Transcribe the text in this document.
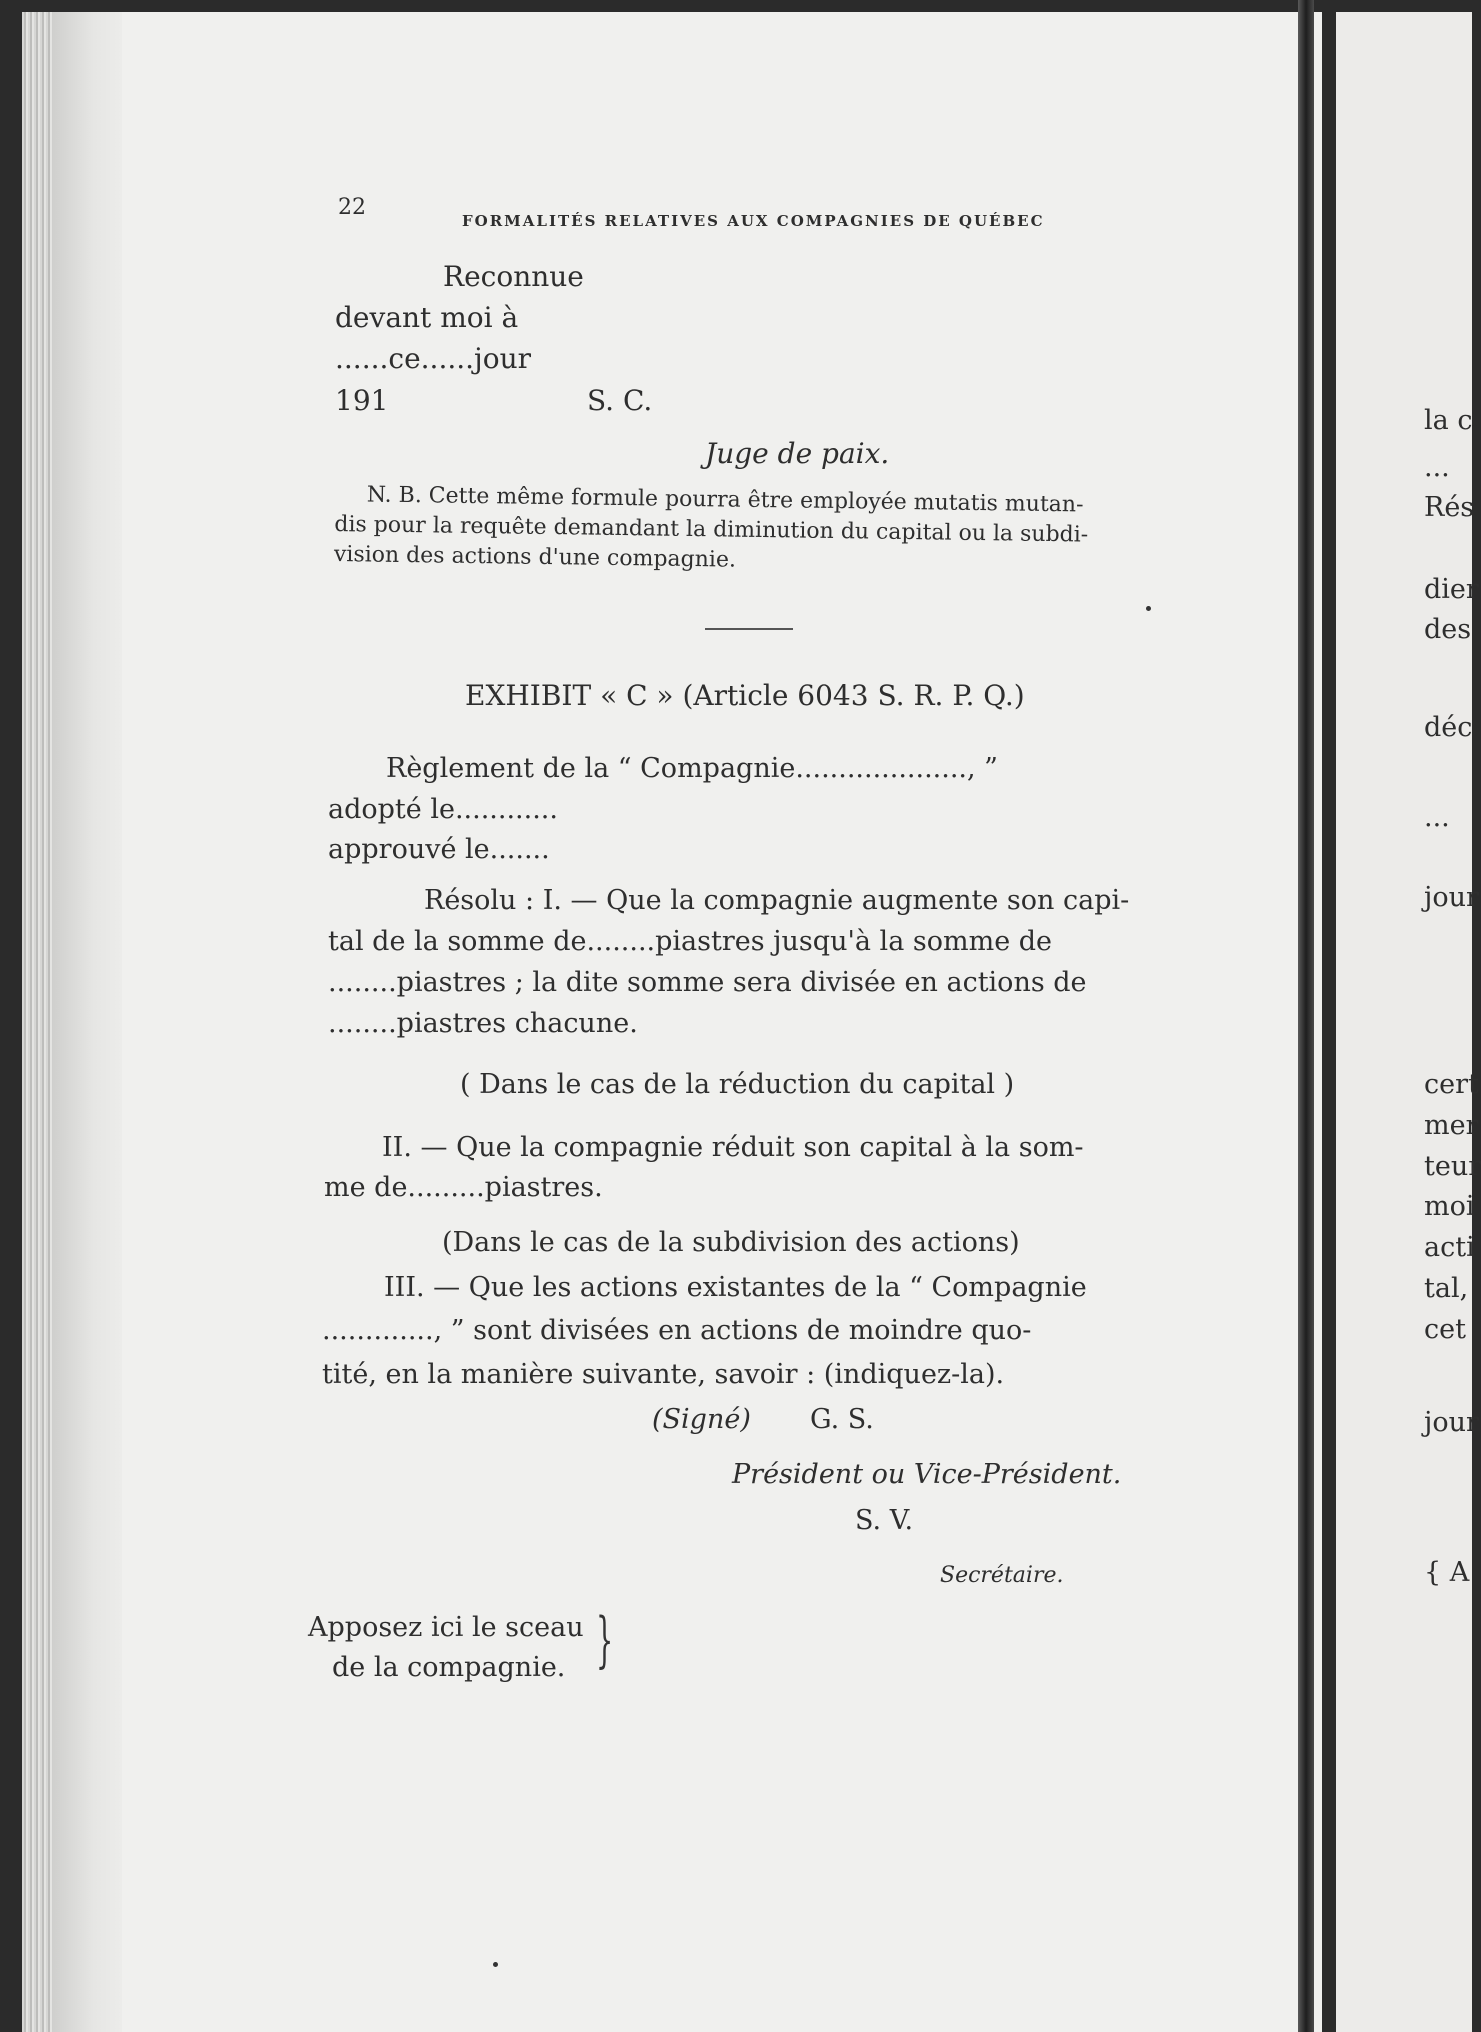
22
FORMALITÉS RELATIVES AUX COMPAGNIES DE QUÉBEC
Reconnue
devant moi à
......ce......jour
191	S. C.
Juge de paix.
N. B. Cette même formule pourra être employée mutatis mutan-
dis pour la requête demandant la diminution du capital ou la subdi-
vision des actions d'une compagnie.
EXHIBIT « C » (Article 6043 S. R. P. Q.)
Règlement de la “ Compagnie...................., ”
adopté le............
approuvé le.......
Résolu : I. — Que la compagnie augmente son capi-
tal de la somme de........piastres jusqu'à la somme de
........piastres ; la dite somme sera divisée en actions de
........piastres chacune.
( Dans le cas de la réduction du capital )
II. — Que la compagnie réduit son capital à la som-
me de.........piastres.
(Dans le cas de la subdivision des actions)
III. — Que les actions existantes de la “ Compagnie
............., ” sont divisées en actions de moindre quo-
tité, en la manière suivante, savoir : (indiquez-la).
(Signé) G. S.
Président ou Vice-Président.
S. V.
Secrétaire.
Apposez ici le sceau
de la compagnie. }
la c
...
Rés
dier
des
déc
...
jour
cert
mer
teur
moi
acti
tal,
cet
jour
{ A
